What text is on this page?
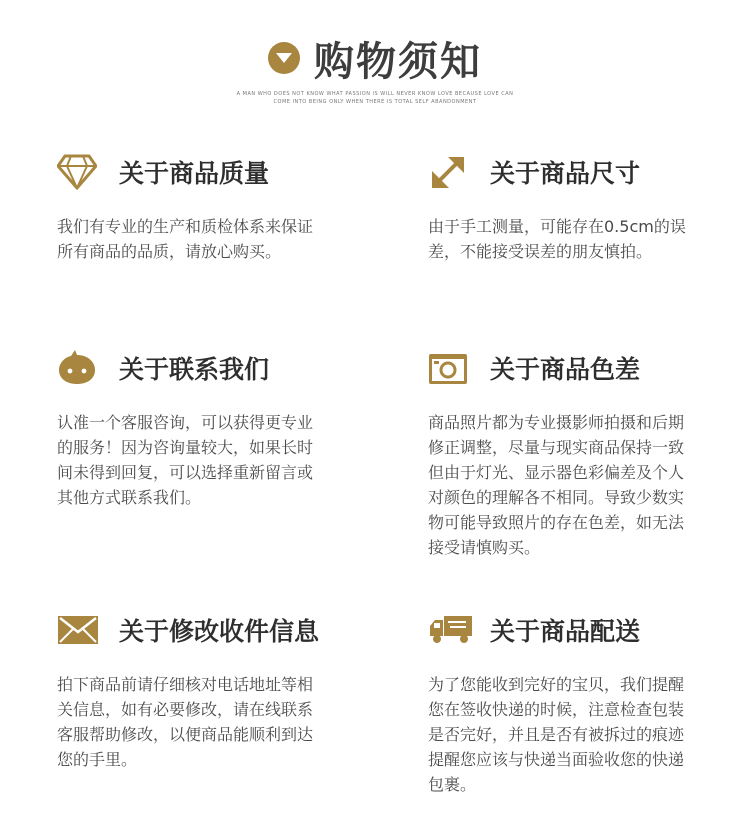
购物须知
A MAN WHO DOES NOT KNOW WHAT PASSION IS WILL NEVER KNOW LOVE BECAUSE LOVE CAN COME INTO BEING ONLY WHEN THERE IS TOTAL SELF ABANDONMENT
关于商品质量
我们有专业的生产和质检体系来保证所有商品的品质，请放心购买。
关于商品尺寸
由于手工测量，可能存在0.5cm的误差，不能接受误差的朋友慎拍。
关于联系我们
认准一个客服咨询，可以获得更专业的服务！因为咨询量较大，如果长时间未得到回复，可以选择重新留言或其他方式联系我们。
关于商品色差
商品照片都为专业摄影师拍摄和后期修正调整，尽量与现实商品保持一致但由于灯光、显示器色彩偏差及个人对颜色的理解各不相同。导致少数实物可能导致照片的存在色差，如无法接受请慎购买。
关于修改收件信息
拍下商品前请仔细核对电话地址等相关信息，如有必要修改，请在线联系客服帮助修改，以便商品能顺利到达您的手里。
关于商品配送
为了您能收到完好的宝贝，我们提醒您在签收快递的时候，注意检查包装是否完好，并且是否有被拆过的痕迹提醒您应该与快递当面验收您的快递包裹。
